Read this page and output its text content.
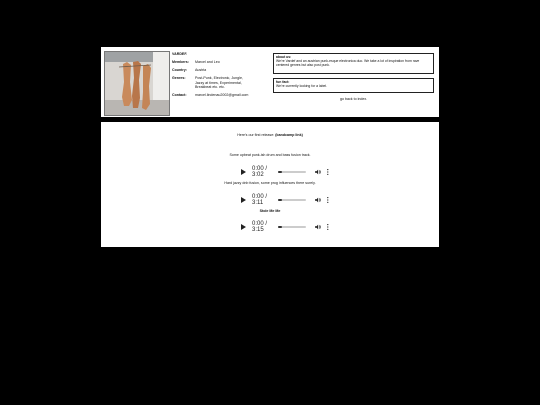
VARDEF.
Members:	Marcel and Leo
Country:	Austria
Genres:	Post-Punk, Electronic, Jungle, Jazzy at times, Experimental, Breakbeat etc. etc.
Contact:	marcel.lindenau2002@gmail.com
about us:
We're Vardef and an austrian punk-esque electronica duo. We take a lot of inspiration from rave centered genres but also post punk.
fun fact:
We're currently looking for a label.
go back to index.
Here's our first release: (bandcamp link)
Some upbeat punk-ish drum and bass fusion track.
0:00 / 3:02
Hard jazzy dnb fusion, some prog influences there surely.
0:00 / 3:11
Stole Me Me
0:00 / 3:15
